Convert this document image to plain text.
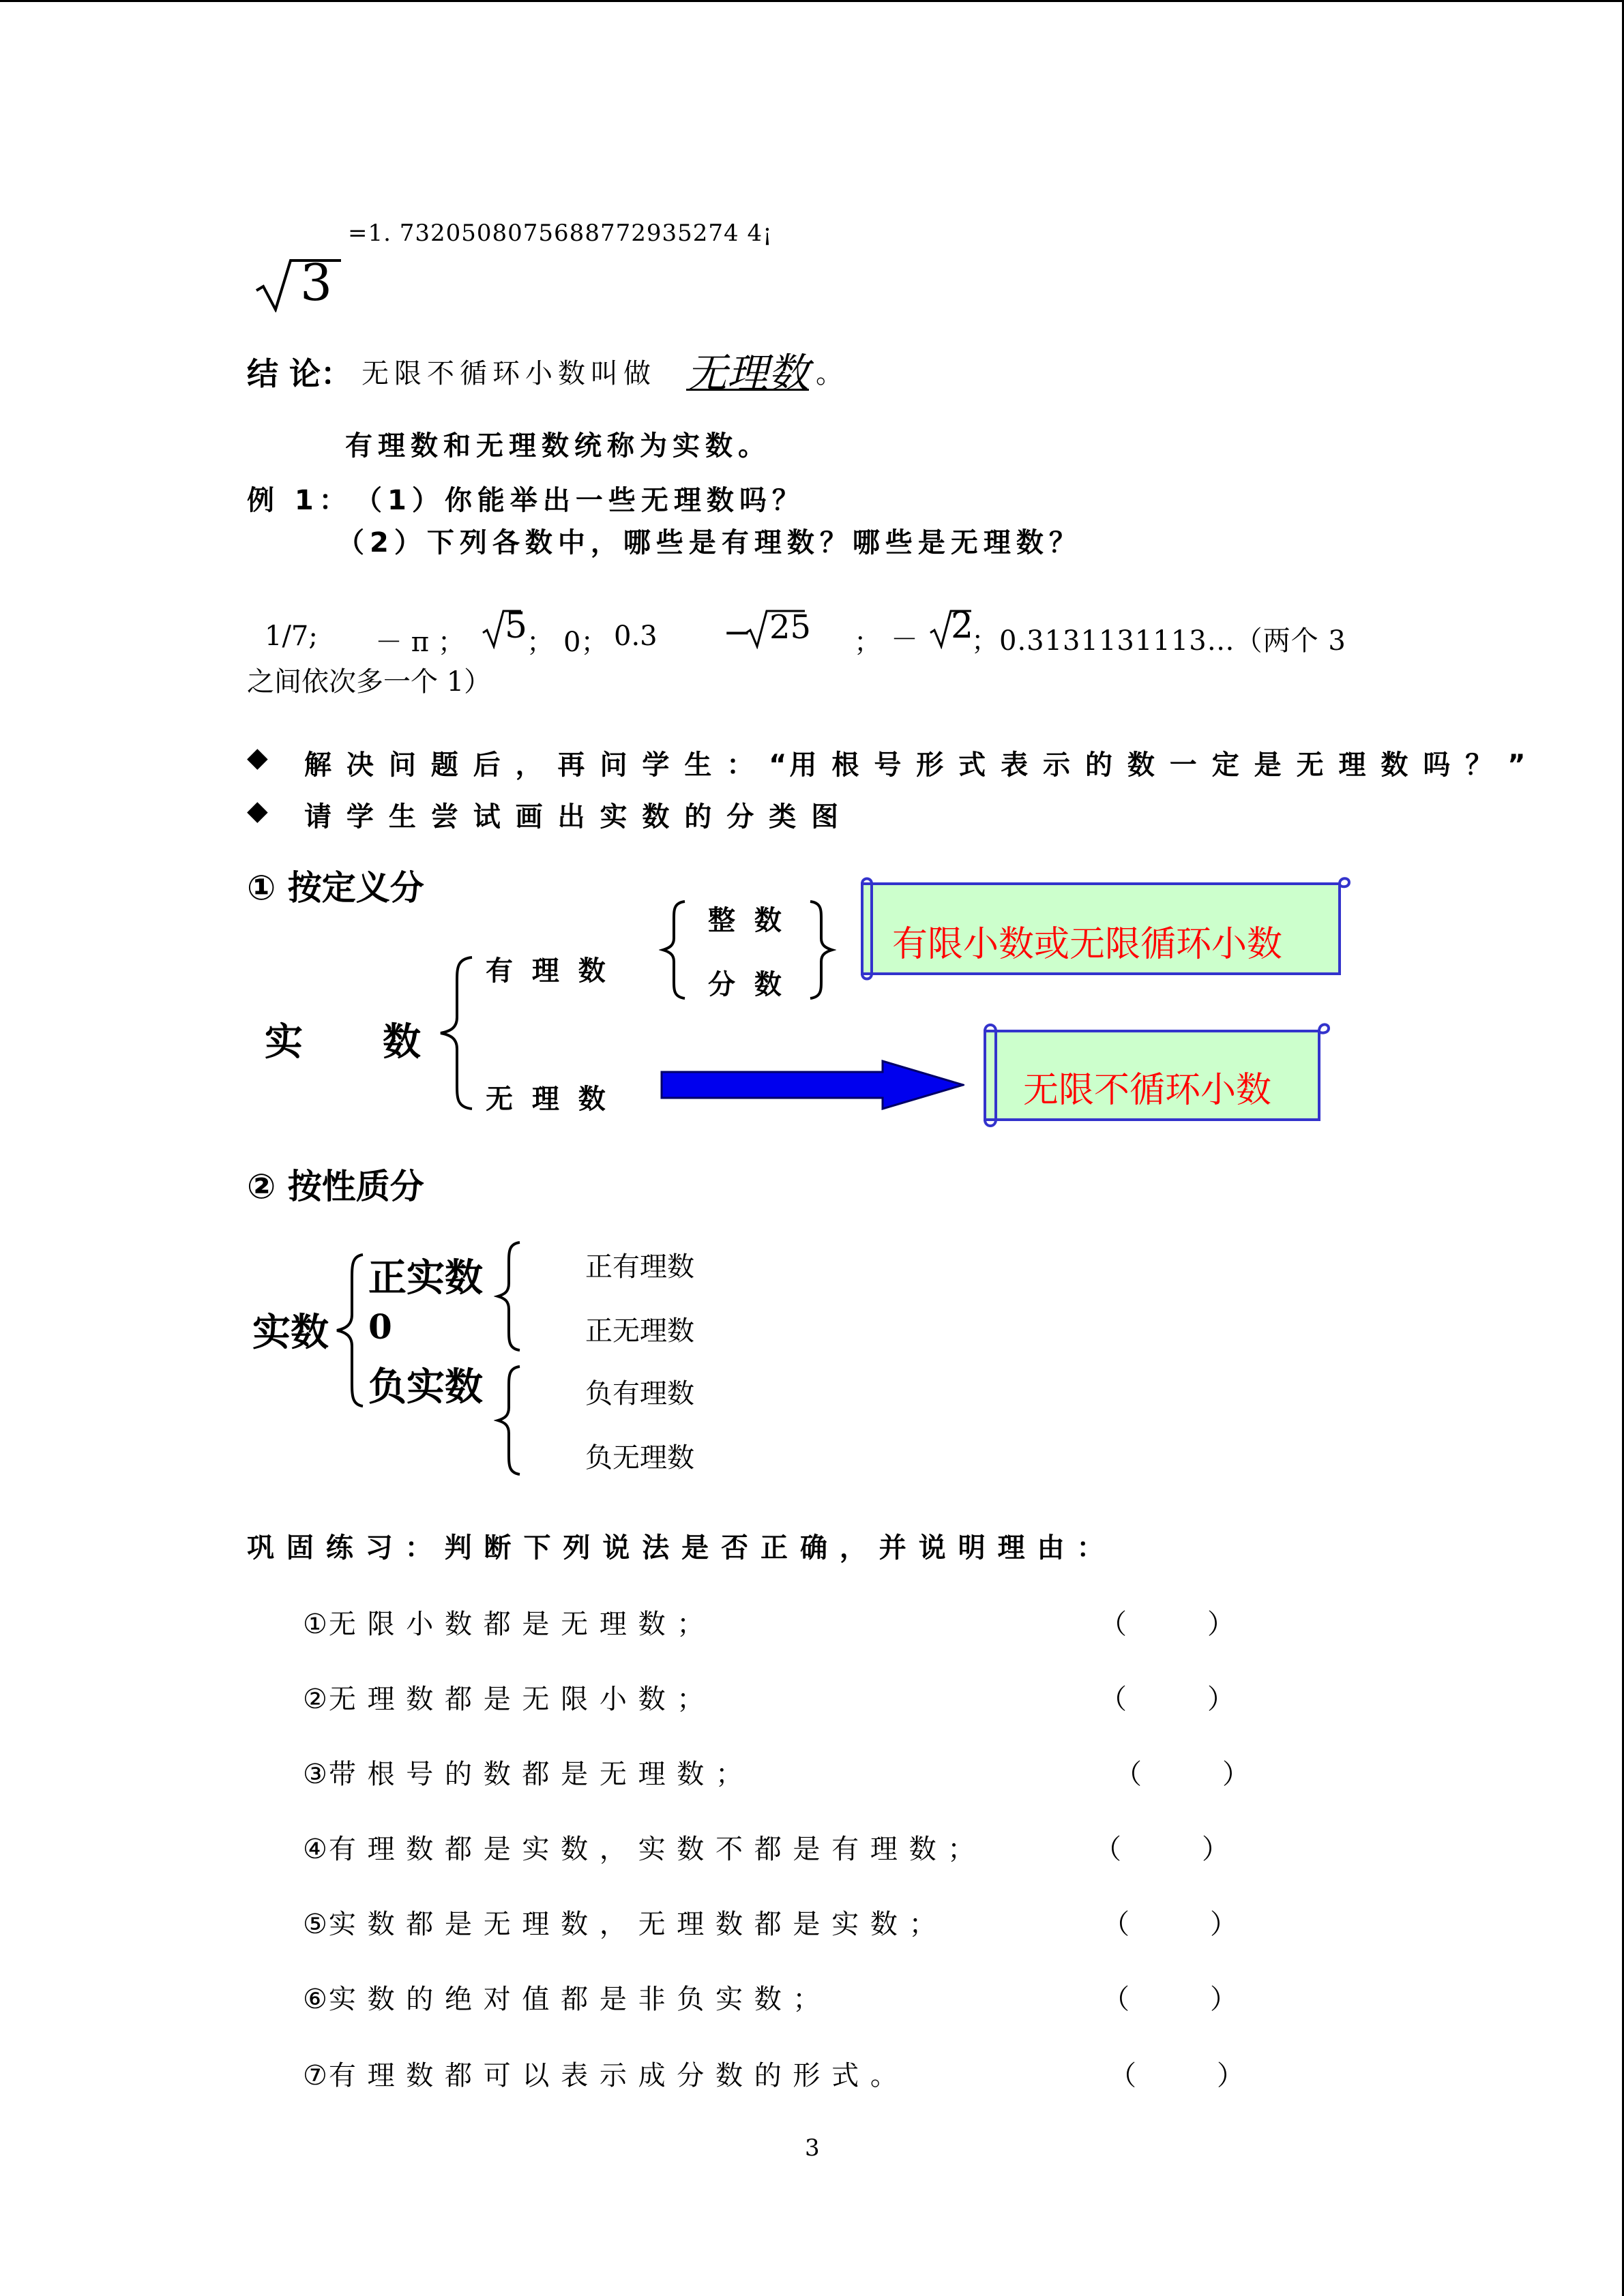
3
=1. 7320508075688772935274 4¡
结 论： 无限不循环小数叫做 无理数 。
有理数和无理数统称为实数。
例 1： （1）你能举出一些无理数吗？
（2）下列各数中，哪些是有理数？哪些是无理数？
1/7; － π ； 5
； 0； 0.3 − 25 ； － 2
；0.3131131113…（两个 3
之间依次多一个 1）
◆ 解 决 问 题 后 ， 再 问 学 生 ： “用 根 号 形 式 表 示 的 数 一 定 是 无 理 数 吗 ？ ”
◆ 请 学 生 尝 试 画 出 实 数 的 分 类 图
① 按定义分
实      数
有  理  数
无  理  数
整  数
分  数
有限小数或无限循环小数
无限不循环小数
② 按性质分
实数
正实数
0
负实数
正有理数
正无理数
负有理数
负无理数
巩 固 练 习 ： 判 断 下 列 说 法 是 否 正 确 ， 并 说 明 理 由 ：
①无 限 小 数 都 是 无 理 数 ；	（	）
②无 理 数 都 是 无 限 小 数 ；	（	）
③带 根 号 的 数 都 是 无 理 数 ；	（	）
④有 理 数 都 是 实 数 ， 实 数 不 都 是 有 理 数 ；	（	）
⑤实 数 都 是 无 理 数 ， 无 理 数 都 是 实 数 ；	（	）
⑥实 数 的 绝 对 值 都 是 非 负 实 数 ；	（	）
⑦有 理 数 都 可 以 表 示 成 分 数 的 形 式 。	（	）
3
